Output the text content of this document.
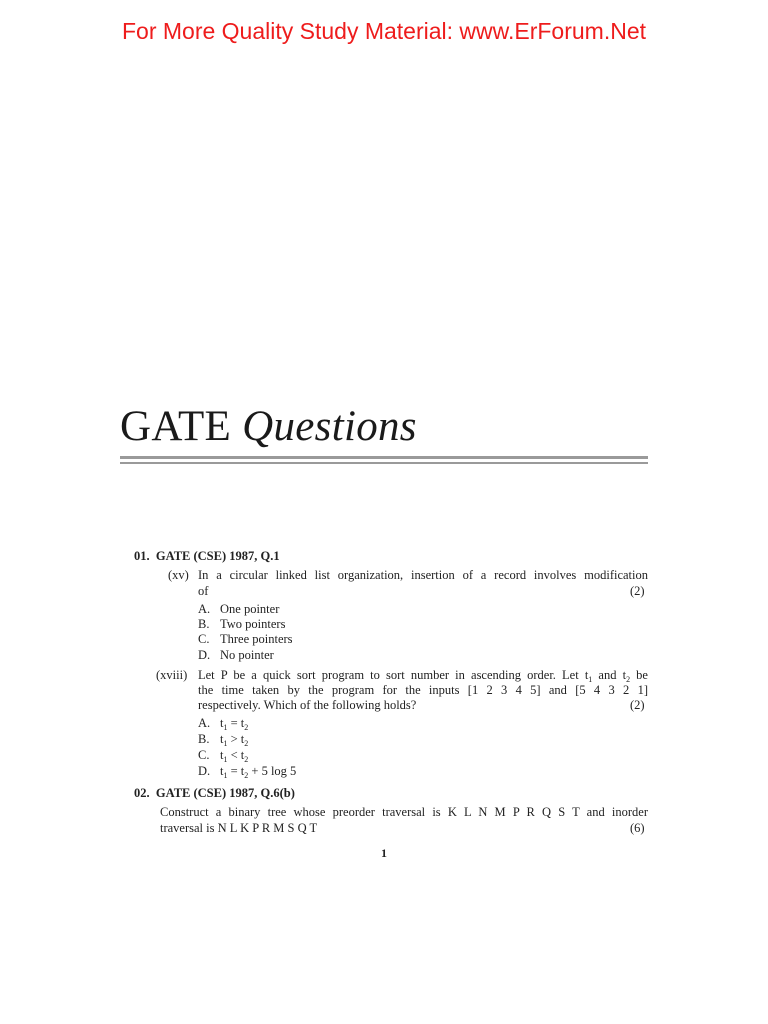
For More Quality Study Material: www.ErForum.Net
GATE Questions
01. GATE (CSE) 1987, Q.1
(xv) In a circular linked list organization, insertion of a record involves modification
of	(2)
A. One pointer
B. Two pointers
C. Three pointers
D. No pointer
(xviii) Let P be a quick sort program to sort number in ascending order. Let $t_1$ and $t_2$ be
the time taken by the program for the inputs [1 2 3 4 5] and [5 4 3 2 1]
respectively. Which of the following holds?	(2)
A. $t_1 = t_2$
B. $t_1 > t_2$
C. $t_1 < t_2$
D. $t_1 = t_2 + 5$ log 5
02. GATE (CSE) 1987, Q.6(b)
Construct a binary tree whose preorder traversal is K L N M P R Q S T and inorder
traversal is N L K P R M S Q T	(6)
1
